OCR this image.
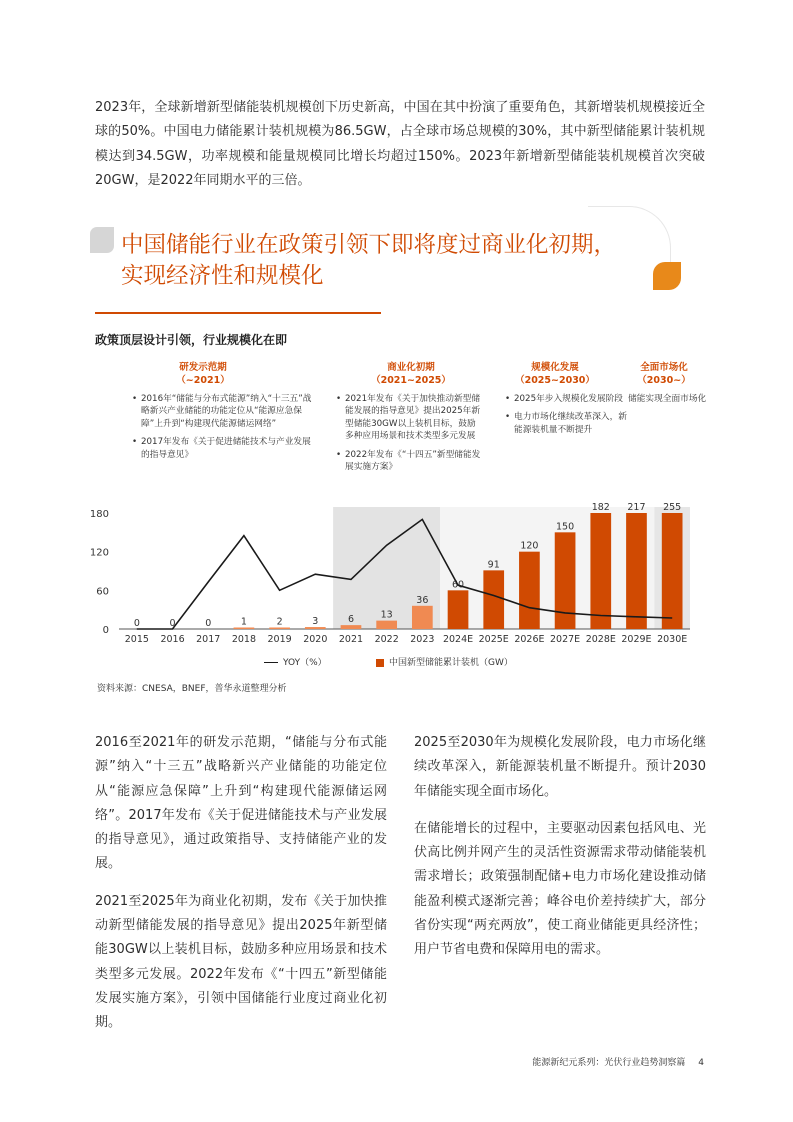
2023年，全球新增新型储能装机规模创下历史新高，中国在其中扮演了重要角色，其新增装机规模接近全球的50%。中国电力储能累计装机规模为86.5GW，占全球市场总规模的30%，其中新型储能累计装机规模达到34.5GW，功率规模和能量规模同比增长均超过150%。2023年新增新型储能装机规模首次突破20GW，是2022年同期水平的三倍。
中国储能行业在政策引领下即将度过商业化初期，
实现经济性和规模化
政策顶层设计引领，行业规模化在即
研发示范期
（~2021）
• 2016年“储能与分布式能源”纳入“十三五”战略新兴产业储能的功能定位从“能源应急保障”上升到“构建现代能源储运网络”
• 2017年发布《关于促进储能技术与产业发展的指导意见》
商业化初期
（2021~2025）
• 2021年发布《关于加快推动新型储能发展的指导意见》提出2025年新型储能30GW以上装机目标，鼓励多种应用场景和技术类型多元发展
• 2022年发布《“十四五”新型储能发展实施方案》
规模化发展
（2025~2030）
• 2025年步入规模化发展阶段
• 电力市场化继续改革深入，新能源装机量不断提升
全面市场化
（2030~）
储能实现全面市场化
0
60
120
180
0	0	0	1	2	3	6	13
36
60
91
120
150
182 217 255
2015 2016 2017 2018 2019 2020 2021 2022 2023 2024E 2025E 2026E 2027E 2028E 2029E 2030E
YOY（%）	中国新型储能累计装机（GW）
资料来源：CNESA，BNEF，普华永道整理分析

2016至2021年的研发示范期，“储能与分布式能源”纳入“十三五”战略新兴产业储能的功能定位从“能源应急保障”上升到“构建现代能源储运网络”。2017年发布《关于促进储能技术与产业发展的指导意见》，通过政策指导、支持储能产业的发展。

2021至2025年为商业化初期，发布《关于加快推动新型储能发展的指导意见》提出2025年新型储能30GW以上装机目标，鼓励多种应用场景和技术类型多元发展。2022年发布《“十四五”新型储能发展实施方案》，引领中国储能行业度过商业化初期。

2025至2030年为规模化发展阶段，电力市场化继续改革深入，新能源装机量不断提升。预计2030年储能实现全面市场化。

在储能增长的过程中，主要驱动因素包括风电、光伏高比例并网产生的灵活性资源需求带动储能装机需求增长；政策强制配储+电力市场化建设推动储能盈利模式逐渐完善；峰谷电价差持续扩大，部分省份实现“两充两放”，使工商业储能更具经济性；用户节省电费和保障用电的需求。

能源新纪元系列：光伏行业趋势洞察篇 4
